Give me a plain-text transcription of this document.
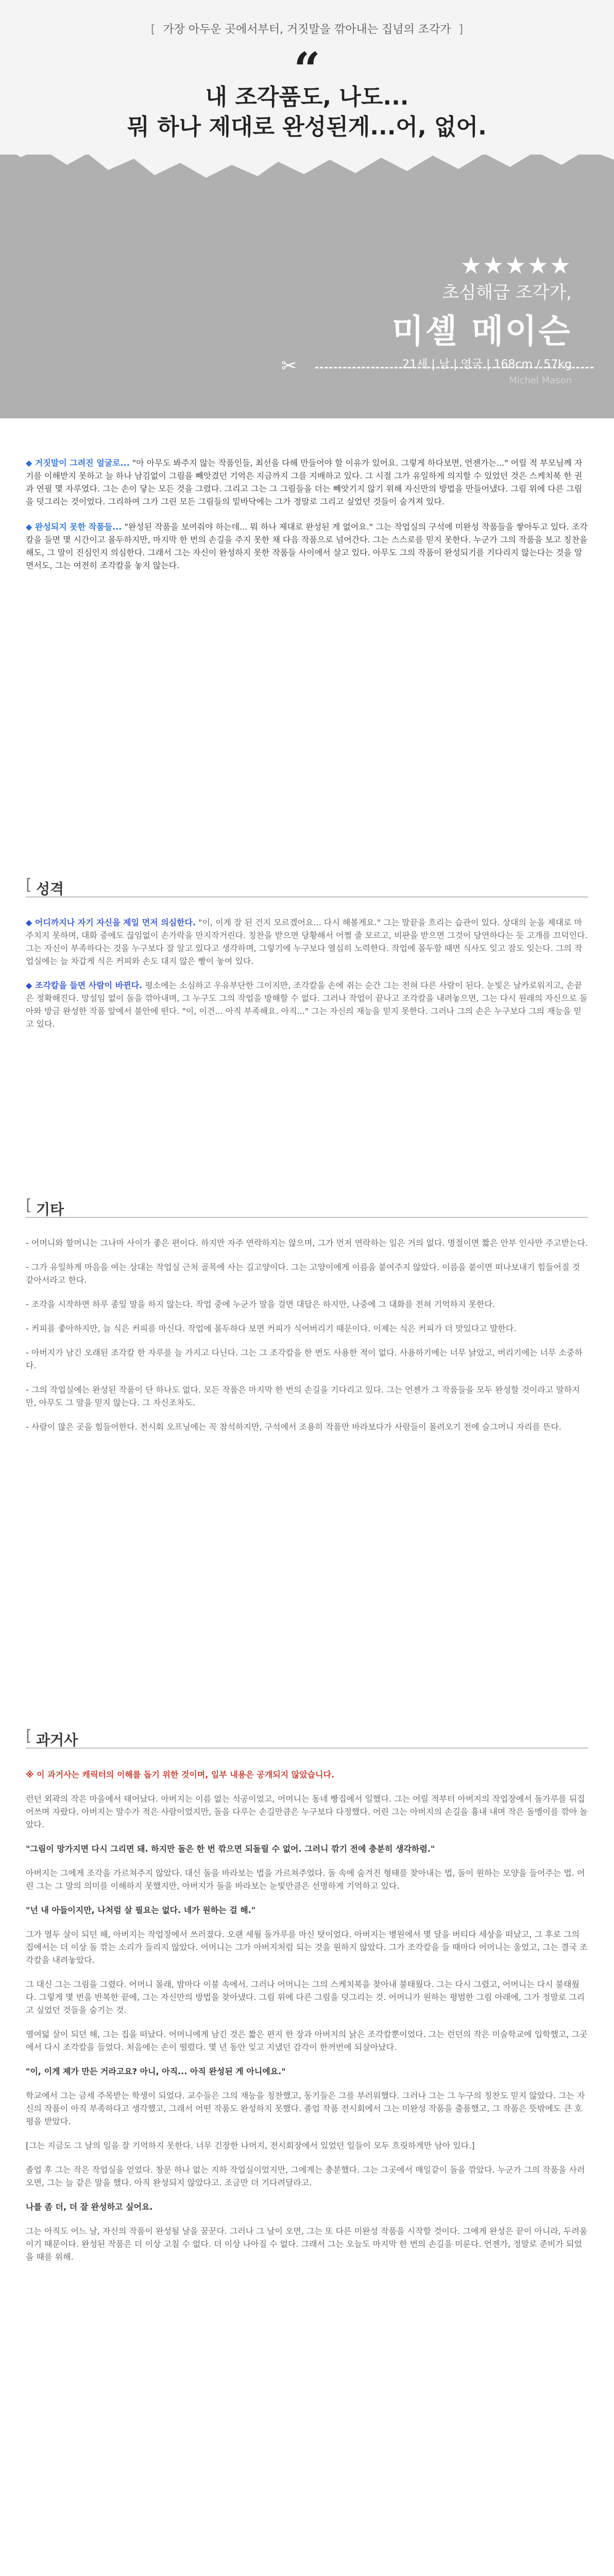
[ 가장 아두운 곳에서부터, 거짓말을 깎아내는 집념의 조각가 ]
“
내 조각품도, 나도...
뭐 하나 제대로 완성된게...어, 없어.
★★★★★
초심해급 조각가,
미셸 메이슨
21세 | 남 | 영국 | 168cm / 57kg
Michel Mason
✂

◆ 거짓말이 그려진 얼굴로... "아 아무도 봐주지 않는 작품인들, 최선을 다해 만들어야 할 이유가 있어요. 그렇게 하다보면, 언젠가는..." 어릴 적 부모님께 자기를 이해받지 못하고 늘 하나 남김없이 그림을 빼앗겼던 기억은 지금까지 그를 지배하고 있다. 그 시절 그가 유일하게 의지할 수 있었던 것은 스케치북 한 권과 연필 몇 자루였다. 그는 손이 닿는 모든 것을 그렸다. 그리고 그는 그 그림들을 더는 빼앗기지 않기 위해 자신만의 방법을 만들어냈다. 그림 위에 다른 그림을 덧그리는 것이었다. 그리하여 그가 그린 모든 그림들의 밑바닥에는 그가 정말로 그리고 싶었던 것들이 숨겨져 있다.

◆ 완성되지 못한 작품들... "완성된 작품을 보여줘야 하는데... 뭐 하나 제대로 완성된 게 없어요." 그는 작업실의 구석에 미완성 작품들을 쌓아두고 있다. 조각칼을 들면 몇 시간이고 몰두하지만, 마지막 한 번의 손길을 주지 못한 채 다음 작품으로 넘어간다. 그는 스스로를 믿지 못한다. 누군가 그의 작품을 보고 칭찬을 해도, 그 말이 진심인지 의심한다. 그래서 그는 자신이 완성하지 못한 작품들 사이에서 살고 있다. 아무도 그의 작품이 완성되기를 기다리지 않는다는 것을 알면서도, 그는 여전히 조각칼을 놓지 않는다.

[ 성격

◆ 어디까지나 자기 자신을 제일 먼저 의심한다. "이, 이게 잘 된 건지 모르겠어요... 다시 해볼게요." 그는 말끝을 흐리는 습관이 있다. 상대의 눈을 제대로 마주치지 못하며, 대화 중에도 끊임없이 손가락을 만지작거린다. 칭찬을 받으면 당황해서 어쩔 줄 모르고, 비판을 받으면 그것이 당연하다는 듯 고개를 끄덕인다. 그는 자신이 부족하다는 것을 누구보다 잘 알고 있다고 생각하며, 그렇기에 누구보다 열심히 노력한다. 작업에 몰두할 때면 식사도 잊고 잠도 잊는다. 그의 작업실에는 늘 차갑게 식은 커피와 손도 대지 않은 빵이 놓여 있다.

◆ 조각칼을 들면 사람이 바뀐다. 평소에는 소심하고 우유부단한 그이지만, 조각칼을 손에 쥐는 순간 그는 전혀 다른 사람이 된다. 눈빛은 날카로워지고, 손끝은 정확해진다. 망설임 없이 돌을 깎아내며, 그 누구도 그의 작업을 방해할 수 없다. 그러나 작업이 끝나고 조각칼을 내려놓으면, 그는 다시 원래의 자신으로 돌아와 방금 완성한 작품 앞에서 불안에 떤다. "이, 이건... 아직 부족해요. 아직..." 그는 자신의 재능을 믿지 못한다. 그러나 그의 손은 누구보다 그의 재능을 믿고 있다.

[ 기타

- 어머니와 할머니는 그나마 사이가 좋은 편이다. 하지만 자주 연락하지는 않으며, 그가 먼저 연락하는 일은 거의 없다. 명절이면 짧은 안부 인사만 주고받는다.

- 그가 유일하게 마음을 여는 상대는 작업실 근처 골목에 사는 길고양이다. 그는 고양이에게 이름을 붙여주지 않았다. 이름을 붙이면 떠나보내기 힘들어질 것 같아서라고 한다.

- 조각을 시작하면 하루 종일 말을 하지 않는다. 작업 중에 누군가 말을 걸면 대답은 하지만, 나중에 그 대화를 전혀 기억하지 못한다.

- 커피를 좋아하지만, 늘 식은 커피를 마신다. 작업에 몰두하다 보면 커피가 식어버리기 때문이다. 이제는 식은 커피가 더 맛있다고 말한다.

- 아버지가 남긴 오래된 조각칼 한 자루를 늘 가지고 다닌다. 그는 그 조각칼을 한 번도 사용한 적이 없다. 사용하기에는 너무 낡았고, 버리기에는 너무 소중하다.

- 그의 작업실에는 완성된 작품이 단 하나도 없다. 모든 작품은 마지막 한 번의 손길을 기다리고 있다. 그는 언젠가 그 작품들을 모두 완성할 것이라고 말하지만, 아무도 그 말을 믿지 않는다. 그 자신조차도.

- 사람이 많은 곳을 힘들어한다. 전시회 오프닝에는 꼭 참석하지만, 구석에서 조용히 작품만 바라보다가 사람들이 몰려오기 전에 슬그머니 자리를 뜬다.

[ 과거사

※ 이 과거사는 캐릭터의 이해를 돕기 위한 것이며, 일부 내용은 공개되지 않았습니다.

런던 외곽의 작은 마을에서 태어났다. 아버지는 이름 없는 석공이었고, 어머니는 동네 빵집에서 일했다. 그는 어릴 적부터 아버지의 작업장에서 돌가루를 뒤집어쓰며 자랐다. 아버지는 말수가 적은 사람이었지만, 돌을 다루는 손길만큼은 누구보다 다정했다. 어린 그는 아버지의 손길을 흉내 내며 작은 돌멩이를 깎아 놀았다.

"그림이 망가지면 다시 그리면 돼. 하지만 돌은 한 번 깎으면 되돌릴 수 없어. 그러니 깎기 전에 충분히 생각하렴."

아버지는 그에게 조각을 가르쳐주지 않았다. 대신 돌을 바라보는 법을 가르쳐주었다. 돌 속에 숨겨진 형태를 찾아내는 법, 돌이 원하는 모양을 들어주는 법. 어린 그는 그 말의 의미를 이해하지 못했지만, 아버지가 돌을 바라보는 눈빛만큼은 선명하게 기억하고 있다.

"넌 내 아들이지만, 나처럼 살 필요는 없다. 네가 원하는 걸 해."

그가 열두 살이 되던 해, 아버지는 작업장에서 쓰러졌다. 오랜 세월 돌가루를 마신 탓이었다. 아버지는 병원에서 몇 달을 버티다 세상을 떠났고, 그 후로 그의 집에서는 더 이상 돌 깎는 소리가 들리지 않았다. 어머니는 그가 아버지처럼 되는 것을 원하지 않았다. 그가 조각칼을 들 때마다 어머니는 울었고, 그는 결국 조각칼을 내려놓았다.

그 대신 그는 그림을 그렸다. 어머니 몰래, 밤마다 이불 속에서. 그러나 어머니는 그의 스케치북을 찾아내 불태웠다. 그는 다시 그렸고, 어머니는 다시 불태웠다. 그렇게 몇 번을 반복한 끝에, 그는 자신만의 방법을 찾아냈다. 그림 위에 다른 그림을 덧그리는 것. 어머니가 원하는 평범한 그림 아래에, 그가 정말로 그리고 싶었던 것들을 숨기는 것.

열여덟 살이 되던 해, 그는 집을 떠났다. 어머니에게 남긴 것은 짧은 편지 한 장과 아버지의 낡은 조각칼뿐이었다. 그는 런던의 작은 미술학교에 입학했고, 그곳에서 다시 조각칼을 들었다. 처음에는 손이 떨렸다. 몇 년 동안 잊고 지냈던 감각이 한꺼번에 되살아났다.

"이, 이게 제가 만든 거라고요? 아니, 아직... 아직 완성된 게 아니에요."

학교에서 그는 금세 주목받는 학생이 되었다. 교수들은 그의 재능을 칭찬했고, 동기들은 그를 부러워했다. 그러나 그는 그 누구의 칭찬도 믿지 않았다. 그는 자신의 작품이 아직 부족하다고 생각했고, 그래서 어떤 작품도 완성하지 못했다. 졸업 작품 전시회에서 그는 미완성 작품을 출품했고, 그 작품은 뜻밖에도 큰 호평을 받았다.

[그는 지금도 그 날의 일을 잘 기억하지 못한다. 너무 긴장한 나머지, 전시회장에서 있었던 일들이 모두 흐릿하게만 남아 있다.]

졸업 후 그는 작은 작업실을 얻었다. 창문 하나 없는 지하 작업실이었지만, 그에게는 충분했다. 그는 그곳에서 매일같이 돌을 깎았다. 누군가 그의 작품을 사러 오면, 그는 늘 같은 말을 했다. 아직 완성되지 않았다고. 조금만 더 기다려달라고.

나를 좀 더, 더 잘 완성하고 싶어요.

그는 아직도 어느 날, 자신의 작품이 완성될 날을 꿈꾼다. 그러나 그 날이 오면, 그는 또 다른 미완성 작품을 시작할 것이다. 그에게 완성은 끝이 아니라, 두려움이기 때문이다. 완성된 작품은 더 이상 고칠 수 없다. 더 이상 나아질 수 없다. 그래서 그는 오늘도 마지막 한 번의 손길을 미룬다. 언젠가, 정말로 준비가 되었을 때를 위해.
